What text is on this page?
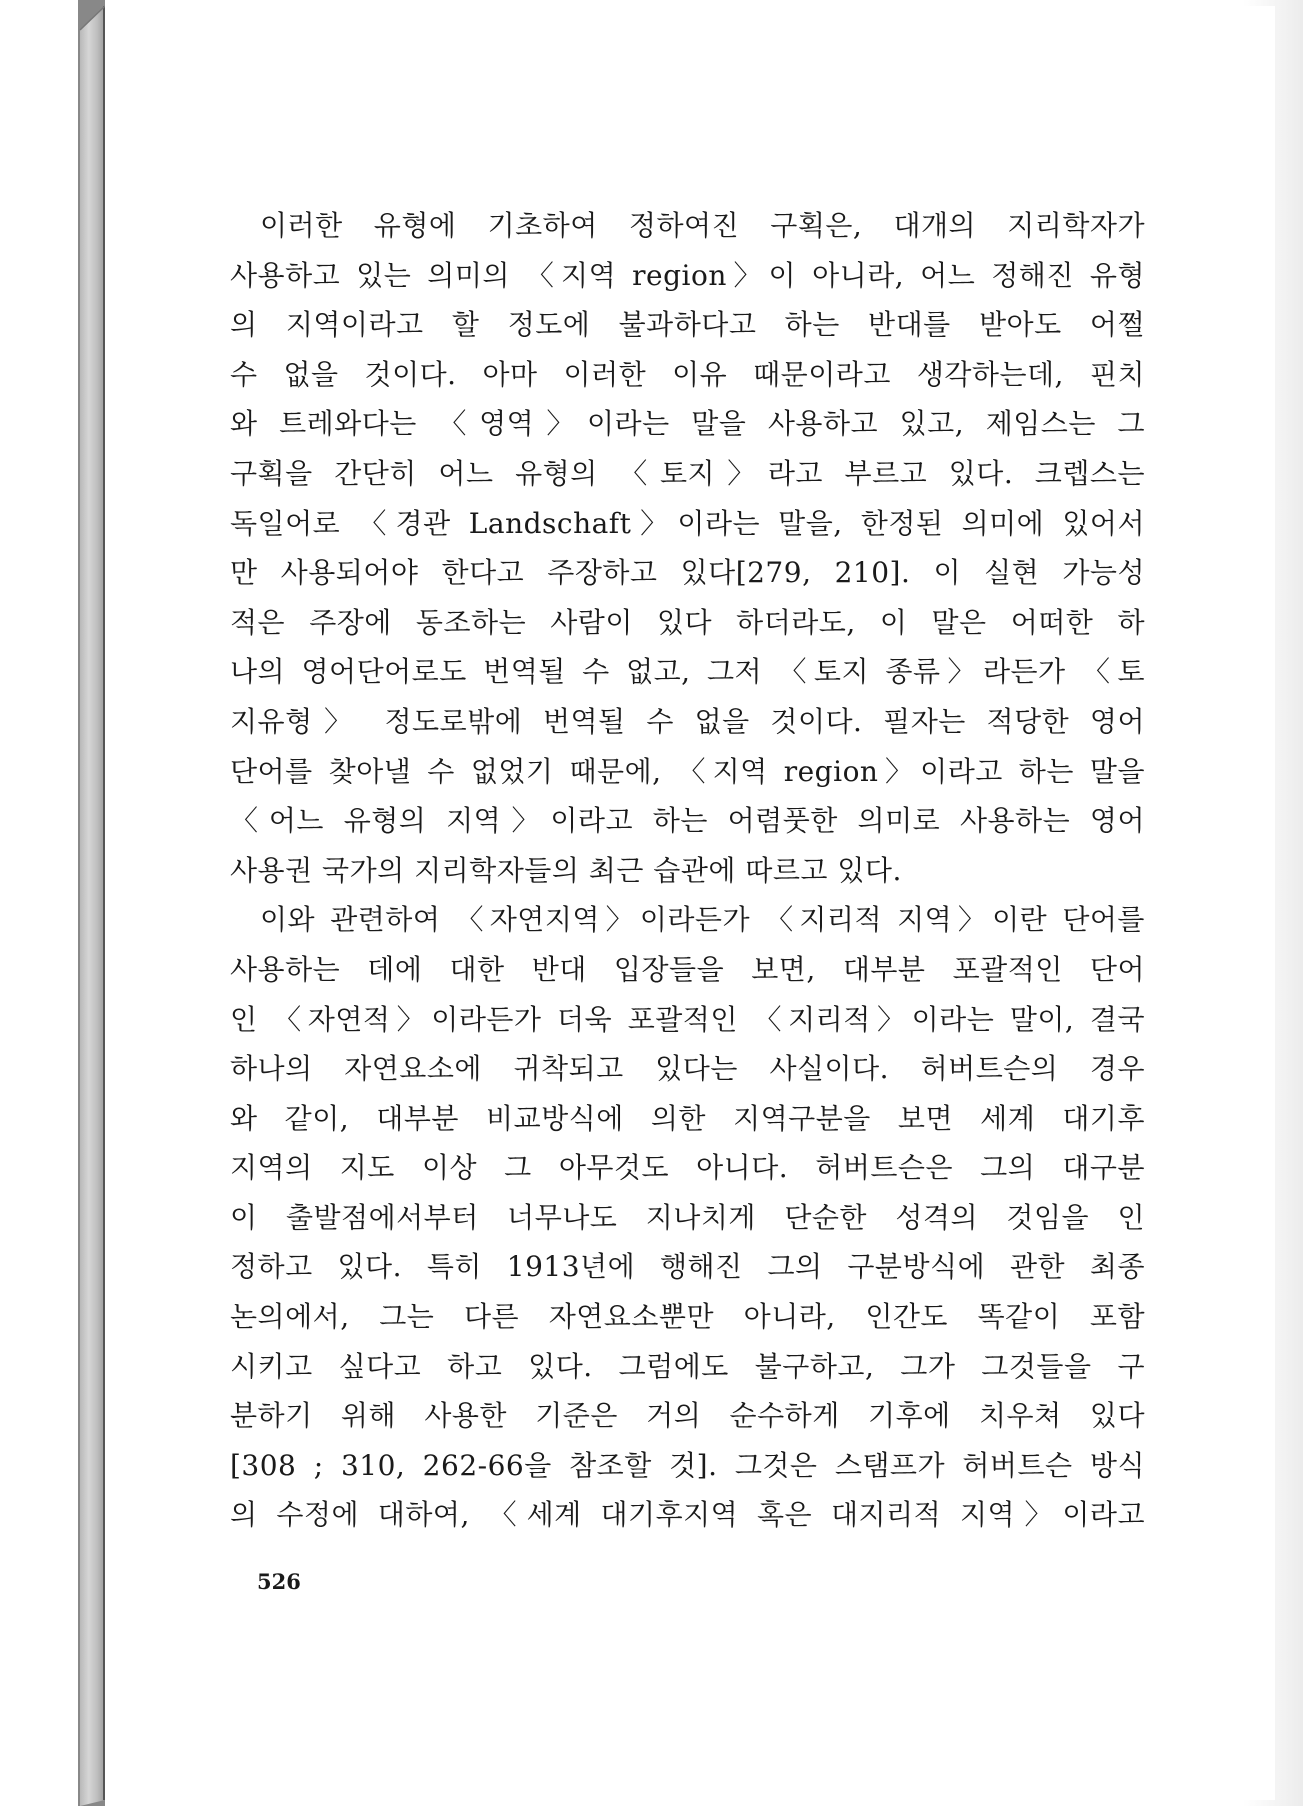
이러한 유형에 기초하여 정하여진 구획은, 대개의 지리학자가
사용하고 있는 의미의 〈지역 region〉이 아니라, 어느 정해진 유형
의 지역이라고 할 정도에 불과하다고 하는 반대를 받아도 어쩔
수 없을 것이다. 아마 이러한 이유 때문이라고 생각하는데, 핀치
와 트레와다는 〈영역〉이라는 말을 사용하고 있고, 제임스는 그
구획을 간단히 어느 유형의 〈토지〉라고 부르고 있다. 크렙스는
독일어로 〈경관 Landschaft〉이라는 말을, 한정된 의미에 있어서
만 사용되어야 한다고 주장하고 있다[279, 210]. 이 실현 가능성
적은 주장에 동조하는 사람이 있다 하더라도, 이 말은 어떠한 하
나의 영어단어로도 번역될 수 없고, 그저 〈토지 종류〉라든가 〈토
지유형〉 정도로밖에 번역될 수 없을 것이다. 필자는 적당한 영어
단어를 찾아낼 수 없었기 때문에, 〈지역 region〉이라고 하는 말을
〈어느 유형의 지역〉이라고 하는 어렴풋한 의미로 사용하는 영어
사용권 국가의 지리학자들의 최근 습관에 따르고 있다.
이와 관련하여 〈자연지역〉이라든가 〈지리적 지역〉이란 단어를
사용하는 데에 대한 반대 입장들을 보면, 대부분 포괄적인 단어
인 〈자연적〉이라든가 더욱 포괄적인 〈지리적〉이라는 말이, 결국
하나의 자연요소에 귀착되고 있다는 사실이다. 허버트슨의 경우
와 같이, 대부분 비교방식에 의한 지역구분을 보면 세계 대기후
지역의 지도 이상 그 아무것도 아니다. 허버트슨은 그의 대구분
이 출발점에서부터 너무나도 지나치게 단순한 성격의 것임을 인
정하고 있다. 특히 1913년에 행해진 그의 구분방식에 관한 최종
논의에서, 그는 다른 자연요소뿐만 아니라, 인간도 똑같이 포함
시키고 싶다고 하고 있다. 그럼에도 불구하고, 그가 그것들을 구
분하기 위해 사용한 기준은 거의 순수하게 기후에 치우쳐 있다
[308 ; 310, 262-66을 참조할 것]. 그것은 스탬프가 허버트슨 방식
의 수정에 대하여, 〈세계 대기후지역 혹은 대지리적 지역〉이라고
526
